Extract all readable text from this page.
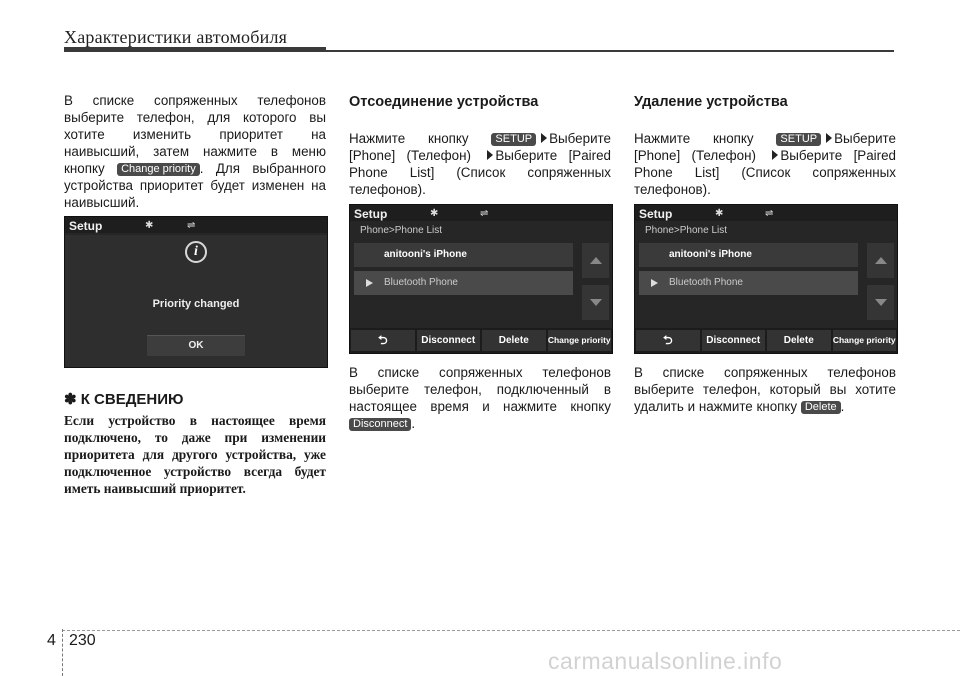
Характеристики автомобиля

В списке сопряженных телефонов выберите телефон, для которого вы хотите изменить приоритет на наивысший, затем нажмите в меню кнопку Change priority . Для выбранного устройства приоритет будет изменен на наивысший.

Setup	✱	⇌
i
Priority changed
OK
✽ К СВЕДЕНИЮ
Если устройство в настоящее время подключено, то даже при изменении приоритета для другого устройства, уже подключенное устройство всегда будет иметь наивысший приоритет.
Отсоединение устройства

Нажмите кнопку SETUP Выберите [Phone] (Телефон) Выберите [Paired Phone List] (Список сопряженных телефонов).

Setup	✱	⇌
Phone>Phone List
anitooni's iPhone
Bluetooth Phone
⮌	Disconnect	Delete	Change priority

В списке сопряженных телефонов выберите телефон, подключенный в настоящее время и нажмите кнопку Disconnect .

Удаление устройства

Нажмите кнопку SETUP Выберите [Phone] (Телефон) Выберите [Paired Phone List] (Список сопряженных телефонов).

Setup	✱	⇌
Phone>Phone List
anitooni's iPhone
Bluetooth Phone
⮌	Disconnect	Delete	Change priority

В списке сопряженных телефонов выберите телефон, который вы хотите удалить и нажмите кнопку Delete .

4 230
carmanualsonline.info
